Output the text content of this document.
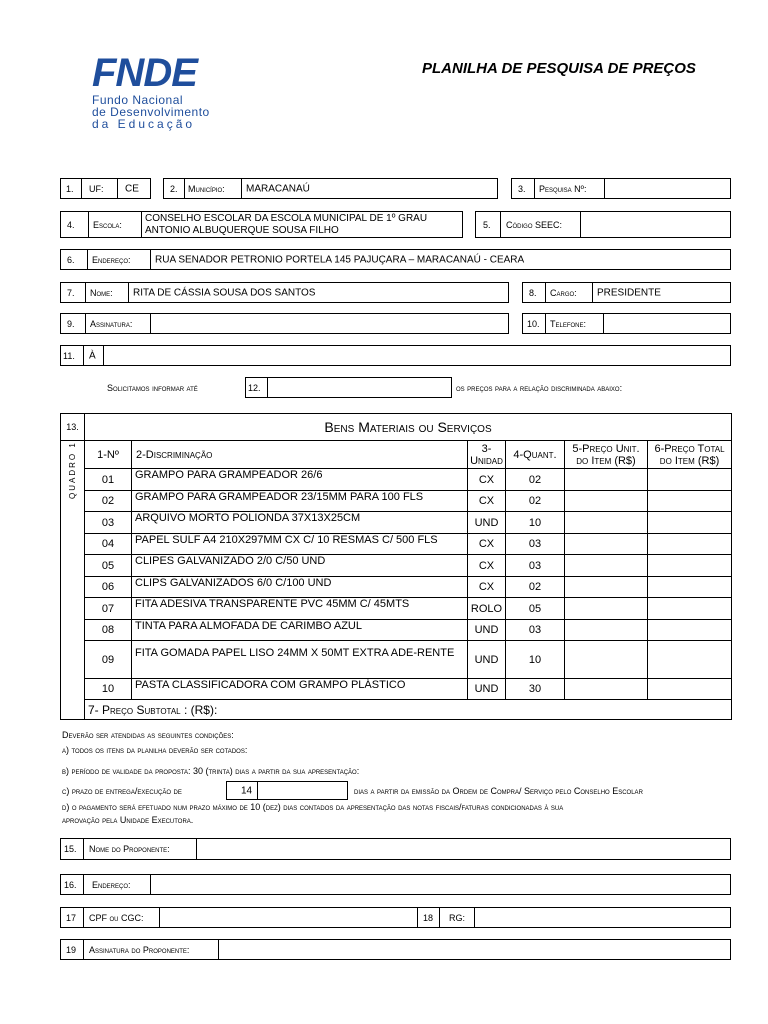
FNDE
Fundo Nacional
de Desenvolvimento
da Educação
PLANILHA DE PESQUISA DE PREÇOS
1. UF: CE	2. Município: MARACANAÚ	3. Pesquisa Nº:
4. Escola:
CONSELHO ESCOLAR DA ESCOLA MUNICIPAL DE 1º GRAU
ANTONIO ALBUQUERQUE SOUSA FILHO
5. Código SEEC:
6. Endereço: RUA SENADOR PETRONIO PORTELA 145 PAJUÇARA – MARACANAÚ - CEARA
7. Nome: RITA DE CÁSSIA SOUSA DOS SANTOS	8. Cargo: PRESIDENTE
9. Assinatura:	10. Telefone:
11. À
Solicitamos informar até	12.	os preços para a relação discriminada abaixo:
13.	Bens Materiais ou Serviços						

QUADRO 1	1-Nº	2-Discriminação	3-Unidad	4-Quant.	5-Preço Unit. do Item (R$)	6-Preço Total do Item (R$)	
	01	GRAMPO PARA GRAMPEADOR 26/6	CX	02			
	02	GRAMPO PARA GRAMPEADOR 23/15MM PARA 100 FLS	CX	02			
	03	ARQUIVO MORTO POLIONDA 37X13X25CM	UND	10			
	04	PAPEL SULF A4 210X297MM CX C/ 10 RESMAS C/ 500 FLS	CX	03			
	05	CLIPES GALVANIZADO 2/0 C/50 UND	CX	03			
	06	CLIPS GALVANIZADOS 6/0 C/100 UND	CX	02			
	07	FITA ADESIVA TRANSPARENTE PVC 45MM C/ 45MTS	ROLO	05			
	08	TINTA PARA ALMOFADA DE CARIMBO AZUL	UND	03			
	09	FITA GOMADA PAPEL LISO 24MM X 50MT EXTRA ADE-RENTE	UND	10			
	10	PASTA CLASSIFICADORA COM GRAMPO PLÁSTICO	UND	30			
	7- Preço Subtotal : (R$):						
Deverão ser atendidas as seguintes condições:
a) todos os itens da planilha deverão ser cotados:
b) período de validade da proposta: 30 (trinta) dias a partir da sua apresentação:
c) prazo de entrega/execução de	14	dias a partir da emissão da Ordem de Compra/ Serviço pelo Conselho Escolar
d) o pagamento será efetuado num prazo máximo de 10 (dez) dias contados da apresentação das notas fiscais/faturas condicionadas à sua
aprovação pela Unidade Executora.
15. Nome do Proponente:
16. Endereço:
17 CPF ou CGC:	18 RG:
19 Assinatura do Proponente:
